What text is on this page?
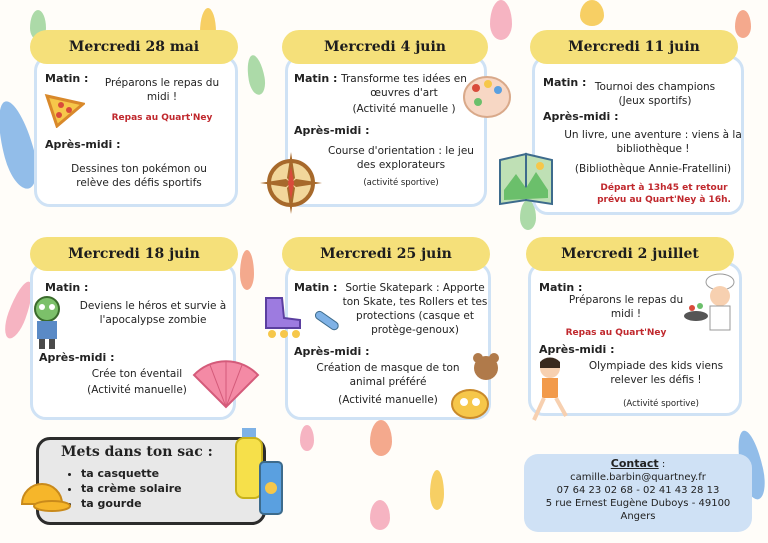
Matin :	Préparons le repas du midi !
Repas au Quart'Ney
Après-midi :
Dessines ton pokémon ou relève des défis sportifs
Mercredi 28 mai
Matin : Transforme tes idées en œuvres d'art
(Activité manuelle )
Après-midi :
Course d'orientation : le jeu des explorateurs
(activité sportive)
Mercredi 4 juin
Matin : Tournoi des champions
(Jeux sportifs)
Après-midi :
Un livre, une aventure : viens à la bibliothèque !
(Bibliothèque Annie-Fratellini)
Départ à 13h45 et retour prévu au Quart'Ney à 16h.
Mercredi 11 juin
Matin :
Deviens le héros et survie à l'apocalypse zombie
Après-midi :
Crée ton éventail
(Activité manuelle)
Mercredi 18 juin
Matin : Sortie Skatepark : Apporte ton Skate, tes Rollers et tes protections (casque et protège-genoux)
Après-midi :
Création de masque de ton animal préféré
(Activité manuelle)
Mercredi 25 juin
Matin :
Préparons le repas du midi !
Repas au Quart'Ney
Après-midi :
Olympiade des kids viens relever les défis !
(Activité sportive)
Mercredi 2 juillet
Mets dans ton sac :
• ta casquette
• ta crème solaire
• ta gourde
Contact :
camille.barbin@quartney.fr
07 64 23 02 68 - 02 41 43 28 13
5 rue Ernest Eugène Duboys - 49100
Angers
